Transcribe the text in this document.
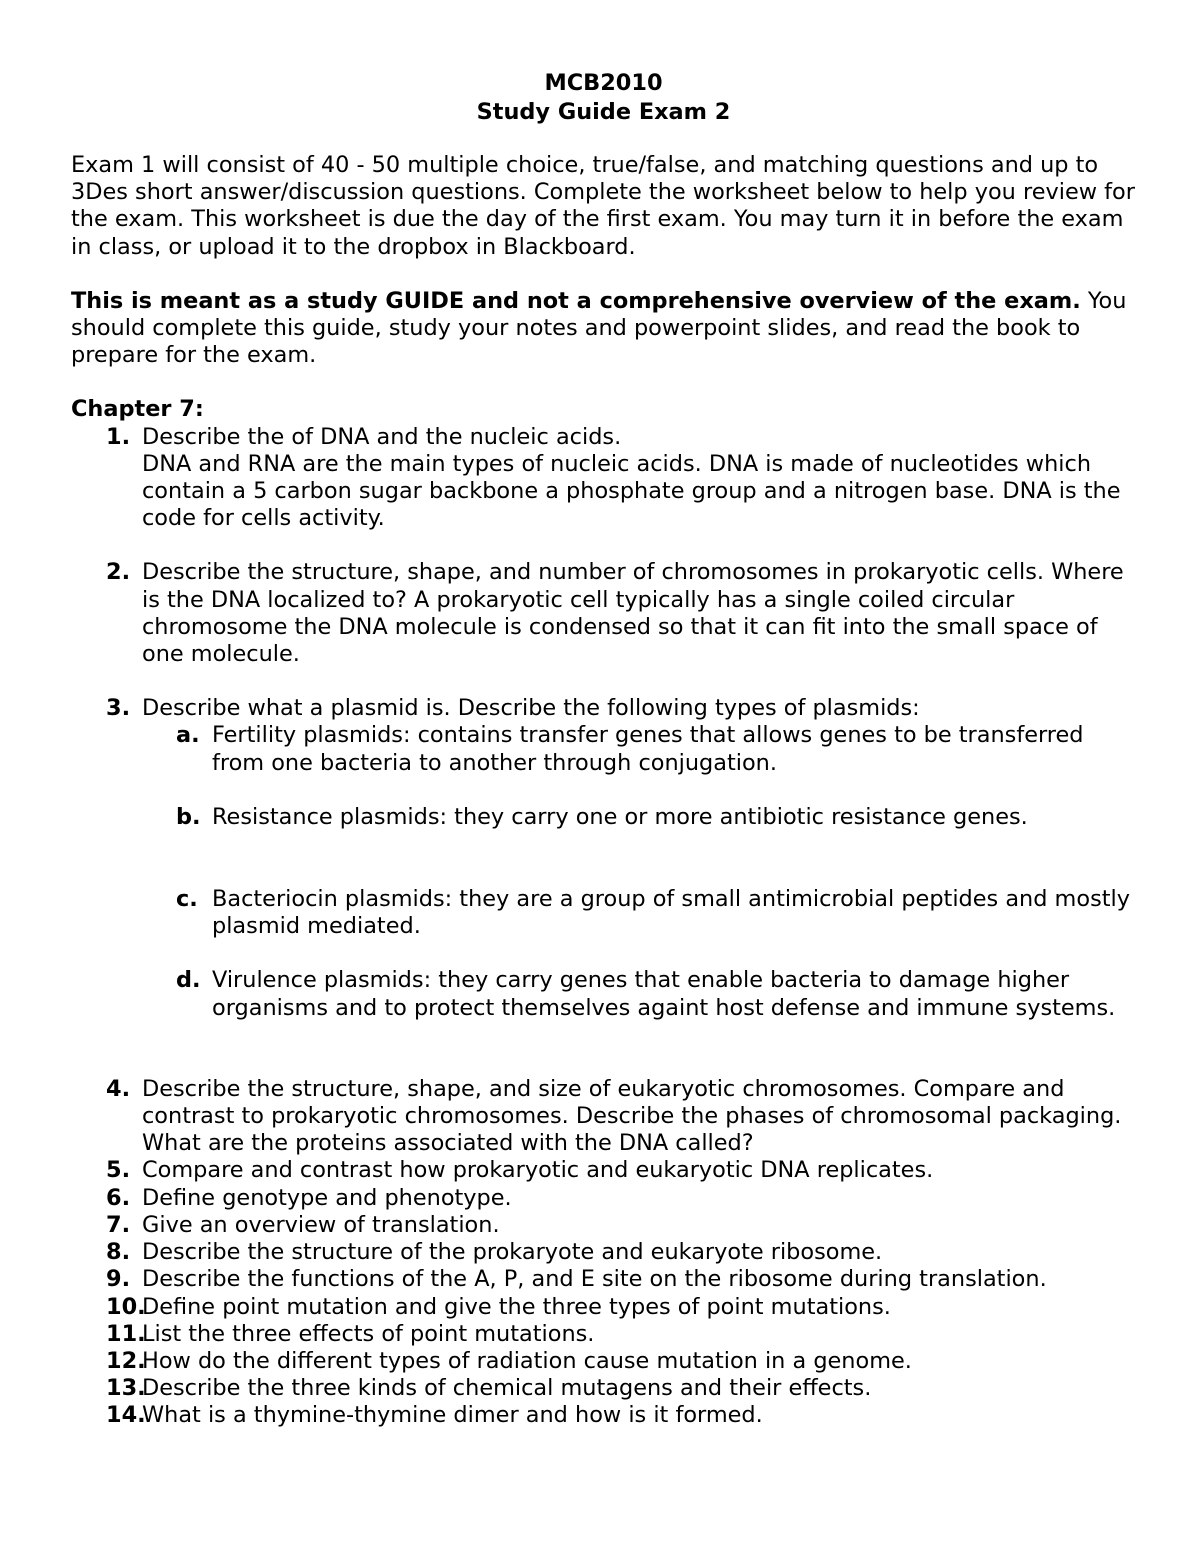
MCB2010

Study Guide Exam 2

Exam 1 will consist of 40 - 50 multiple choice, true/false, and matching questions and up to 3Des short answer/discussion questions. Complete the worksheet below to help you review for the exam. This worksheet is due the day of the first exam. You may turn it in before the exam in class, or upload it to the dropbox in Blackboard.

This is meant as a study GUIDE and not a comprehensive overview of the exam. You should complete this guide, study your notes and powerpoint slides, and read the book to prepare for the exam.

Chapter 7:

1. Describe the of DNA and the nucleic acids.
DNA and RNA are the main types of nucleic acids. DNA is made of nucleotides which contain a 5 carbon sugar backbone a phosphate group and a nitrogen base. DNA is the code for cells activity.
2. Describe the structure, shape, and number of chromosomes in prokaryotic cells. Where is the DNA localized to? A prokaryotic cell typically has a single coiled circular chromosome the DNA molecule is condensed so that it can fit into the small space of one molecule.
3. Describe what a plasmid is. Describe the following types of plasmids:
a. Fertility plasmids: contains transfer genes that allows genes to be transferred from one bacteria to another through conjugation.
b. Resistance plasmids: they carry one or more antibiotic resistance genes.
c. Bacteriocin plasmids: they are a group of small antimicrobial peptides and mostly plasmid mediated.
d. Virulence plasmids: they carry genes that enable bacteria to damage higher organisms and to protect themselves againt host defense and immune systems.
4. Describe the structure, shape, and size of eukaryotic chromosomes. Compare and contrast to prokaryotic chromosomes. Describe the phases of chromosomal packaging. What are the proteins associated with the DNA called?
5. Compare and contrast how prokaryotic and eukaryotic DNA replicates.
6. Define genotype and phenotype.
7. Give an overview of translation.
8. Describe the structure of the prokaryote and eukaryote ribosome.
9. Describe the functions of the A, P, and E site on the ribosome during translation.
10.
Define point mutation and give the three types of point mutations.
11.
List the three effects of point mutations.
12.
How do the different types of radiation cause mutation in a genome.
13.
Describe the three kinds of chemical mutagens and their effects.
14.
What is a thymine-thymine dimer and how is it formed.
